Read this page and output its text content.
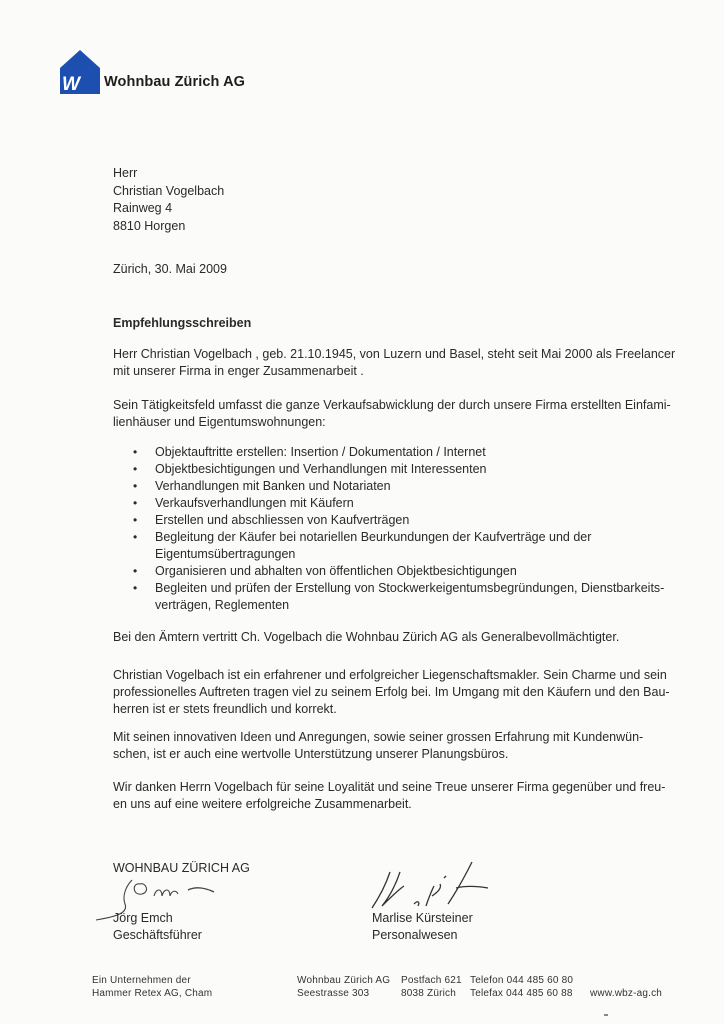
W Wohnbau Zürich AG
Herr
Christian Vogelbach
Rainweg 4
8810 Horgen
Zürich, 30. Mai 2009
Empfehlungsschreiben
Herr Christian Vogelbach , geb. 21.10.1945, von Luzern und Basel, steht seit Mai 2000 als Freelancer
mit unserer Firma in enger Zusammenarbeit .
Sein Tätigkeitsfeld umfasst die ganze Verkaufsabwicklung der durch unsere Firma erstellten Einfami-
lienhäuser und Eigentumswohnungen:
• Objektauftritte erstellen: Insertion / Dokumentation / Internet
• Objektbesichtigungen und Verhandlungen mit Interessenten
• Verhandlungen mit Banken und Notariaten
• Verkaufsverhandlungen mit Käufern
• Erstellen und abschliessen von Kaufverträgen
• Begleitung der Käufer bei notariellen Beurkundungen der Kaufverträge und der
Eigentumsübertragungen
• Organisieren und abhalten von öffentlichen Objektbesichtigungen
• Begleiten und prüfen der Erstellung von Stockwerkeigentumsbegründungen, Dienstbarkeits-
verträgen, Reglementen
Bei den Ämtern vertritt Ch. Vogelbach die Wohnbau Zürich AG als Generalbevollmächtigter.
Christian Vogelbach ist ein erfahrener und erfolgreicher Liegenschaftsmakler. Sein Charme und sein
professionelles Auftreten tragen viel zu seinem Erfolg bei. Im Umgang mit den Käufern und den Bau-
herren ist er stets freundlich und korrekt.
Mit seinen innovativen Ideen und Anregungen, sowie seiner grossen Erfahrung mit Kundenwün-
schen, ist er auch eine wertvolle Unterstützung unserer Planungsbüros.
Wir danken Herrn Vogelbach für seine Loyalität und seine Treue unserer Firma gegenüber und freu-
en uns auf eine weitere erfolgreiche Zusammenarbeit.
WOHNBAU ZÜRICH AG
Jörg Emch
Geschäftsführer
Marlise Kürsteiner
Personalwesen
Ein Unternehmen der
Hammer Retex AG, Cham
Wohnbau Zürich AG
Seestrasse 303
Postfach 621
8038 Zürich
Telefon 044 485 60 80
Telefax 044 485 60 88 www.wbz-ag.ch
